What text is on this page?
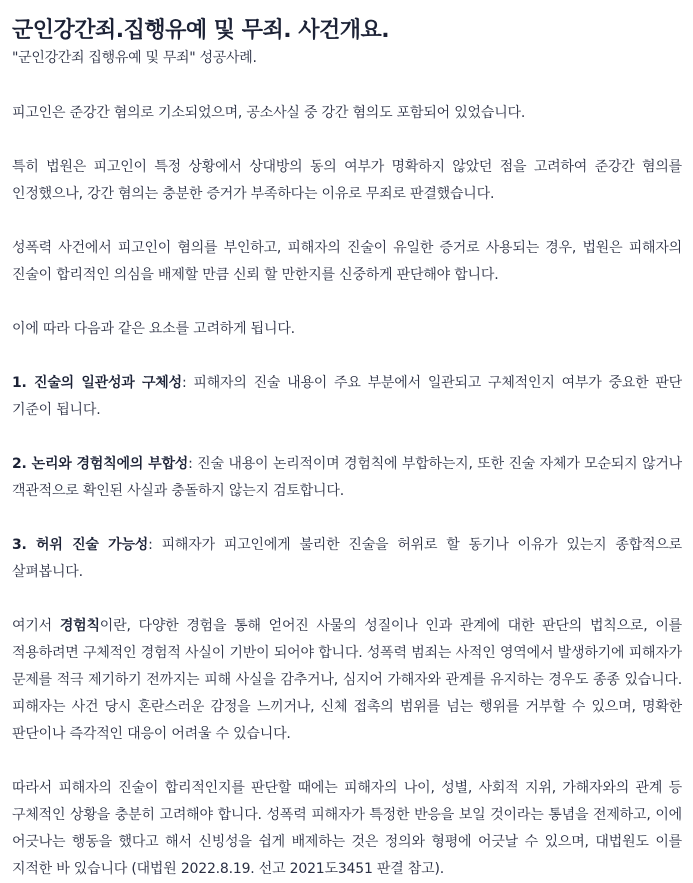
군인강간죄.집행유예 및 무죄. 사건개요.

"군인강간죄 집행유예 및 무죄" 성공사례.

피고인은 준강간 혐의로 기소되었으며, 공소사실 중 강간 혐의도 포함되어 있었습니다.

특히 법원은 피고인이 특정 상황에서 상대방의 동의 여부가 명확하지 않았던 점을 고려하여 준강간 혐의를 인정했으나, 강간 혐의는 충분한 증거가 부족하다는 이유로 무죄로 판결했습니다.

성폭력 사건에서 피고인이 혐의를 부인하고, 피해자의 진술이 유일한 증거로 사용되는 경우, 법원은 피해자의 진술이 합리적인 의심을 배제할 만큼 신뢰 할 만한지를 신중하게 판단해야 합니다.

이에 따라 다음과 같은 요소를 고려하게 됩니다.

1. 진술의 일관성과 구체성: 피해자의 진술 내용이 주요 부분에서 일관되고 구체적인지 여부가 중요한 판단 기준이 됩니다.

2. 논리와 경험칙에의 부합성: 진술 내용이 논리적이며 경험칙에 부합하는지, 또한 진술 자체가 모순되지 않거나 객관적으로 확인된 사실과 충돌하지 않는지 검토합니다.

3. 허위 진술 가능성: 피해자가 피고인에게 불리한 진술을 허위로 할 동기나 이유가 있는지 종합적으로 살펴봅니다.

여기서 경험칙이란, 다양한 경험을 통해 얻어진 사물의 성질이나 인과 관계에 대한 판단의 법칙으로, 이를 적용하려면 구체적인 경험적 사실이 기반이 되어야 합니다. 성폭력 범죄는 사적인 영역에서 발생하기에 피해자가 문제를 적극 제기하기 전까지는 피해 사실을 감추거나, 심지어 가해자와 관계를 유지하는 경우도 종종 있습니다. 피해자는 사건 당시 혼란스러운 감정을 느끼거나, 신체 접촉의 범위를 넘는 행위를 거부할 수 있으며, 명확한 판단이나 즉각적인 대응이 어려울 수 있습니다.

따라서 피해자의 진술이 합리적인지를 판단할 때에는 피해자의 나이, 성별, 사회적 지위, 가해자와의 관계 등 구체적인 상황을 충분히 고려해야 합니다. 성폭력 피해자가 특정한 반응을 보일 것이라는 통념을 전제하고, 이에 어긋나는 행동을 했다고 해서 신빙성을 쉽게 배제하는 것은 정의와 형평에 어긋날 수 있으며, 대법원도 이를 지적한 바 있습니다 (대법원 2022.8.19. 선고 2021도3451 판결 참고).
